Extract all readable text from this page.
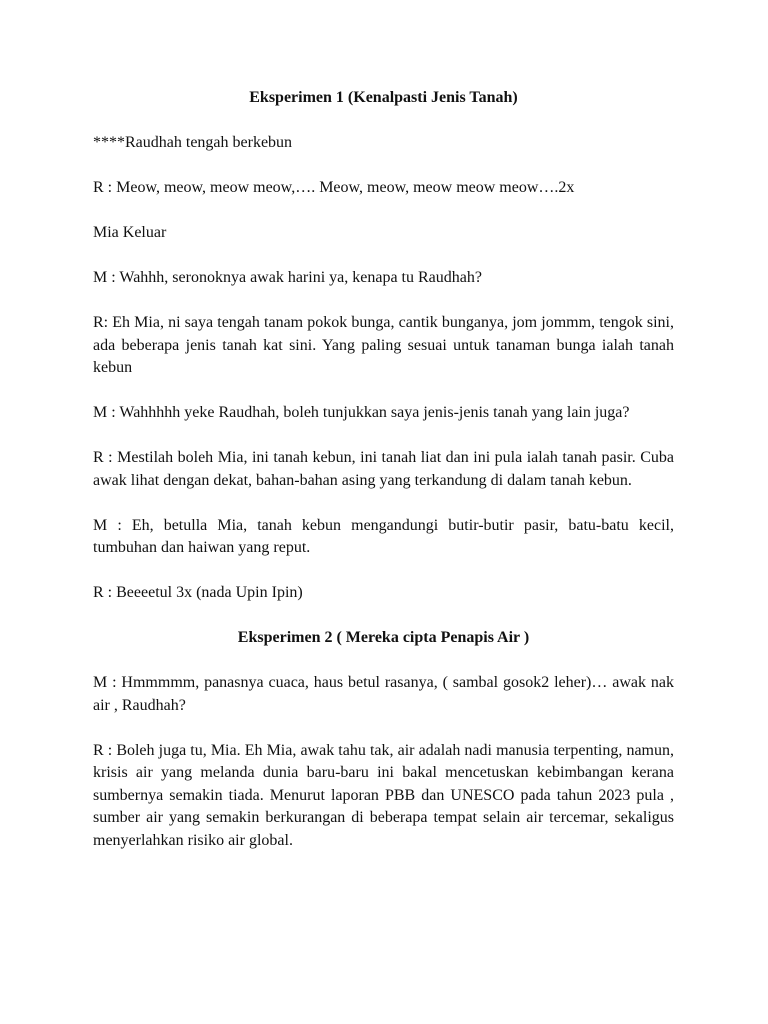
Eksperimen 1 (Kenalpasti Jenis Tanah)

****Raudhah tengah berkebun

R : Meow, meow, meow meow,…. Meow, meow, meow meow meow….2x

Mia Keluar

M : Wahhh, seronoknya awak harini ya, kenapa tu Raudhah?

R: Eh Mia, ni saya tengah tanam pokok bunga, cantik bunganya, jom jommm, tengok sini, ada beberapa jenis tanah kat sini. Yang paling sesuai untuk tanaman bunga ialah tanah kebun

M : Wahhhhh yeke Raudhah, boleh tunjukkan saya jenis-jenis tanah yang lain juga?

R : Mestilah boleh Mia, ini tanah kebun, ini tanah liat dan ini pula ialah tanah pasir. Cuba awak lihat dengan dekat, bahan-bahan asing yang terkandung di dalam tanah kebun.

M : Eh, betulla Mia, tanah kebun mengandungi butir-butir pasir, batu-batu kecil, tumbuhan dan haiwan yang reput.

R : Beeeetul 3x (nada Upin Ipin)

Eksperimen 2 ( Mereka cipta Penapis Air )

M : Hmmmmm, panasnya cuaca, haus betul rasanya, ( sambal gosok2 leher)… awak nak air , Raudhah?

R : Boleh juga tu, Mia. Eh Mia, awak tahu tak, air adalah nadi manusia terpenting, namun, krisis air yang melanda dunia baru-baru ini bakal mencetuskan kebimbangan kerana sumbernya semakin tiada. Menurut laporan PBB dan UNESCO pada tahun 2023 pula , sumber air yang semakin berkurangan di beberapa tempat selain air tercemar, sekaligus menyerlahkan risiko air global.
